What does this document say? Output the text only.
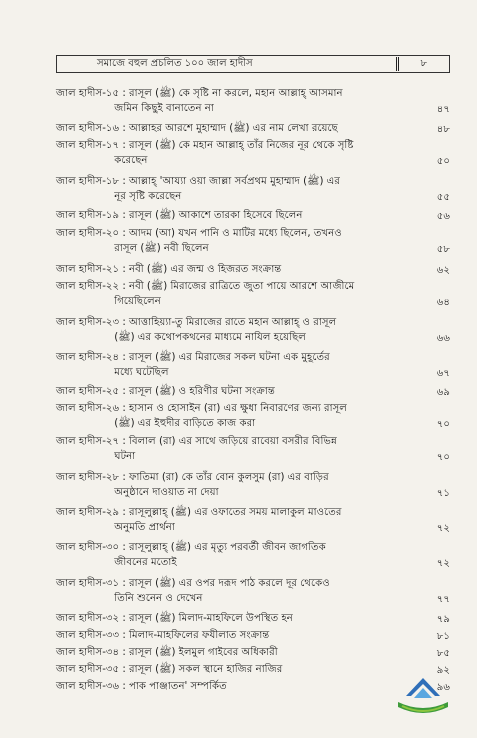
সমাজে বহুল প্রচলিত ১০০ জাল হাদীস	৮
জাল হাদীস-১৫ : রাসূল (ﷺ) কে সৃষ্টি না করলে, মহান আল্লাহ্ আসমান
জমিন কিছুই বানাতেন না	৪৭
জাল হাদীস-১৬ : আল্লাহর আরশে মুহাম্মাদ (ﷺ) এর নাম লেখা রয়েছে	৪৮
জাল হাদীস-১৭ : রাসূল (ﷺ) কে মহান আল্লাহ্ তাঁর নিজের নূর থেকে সৃষ্টি
করেছেন	৫০
জাল হাদীস-১৮ : আল্লাহ্ 'আয্যা ওয়া জাল্লা সর্বপ্রথম মুহাম্মাদ (ﷺ) এর
নূর সৃষ্টি করেছেন	৫৫
জাল হাদীস-১৯ : রাসূল (ﷺ) আকাশে তারকা হিসেবে ছিলেন	৫৬
জাল হাদীস-২০ : আদম (আ) যখন পানি ও মাটির মধ্যে ছিলেন, তখনও
রাসূল (ﷺ) নবী ছিলেন	৫৮
জাল হাদীস-২১ : নবী (ﷺ) এর জন্ম ও হিজরত সংক্রান্ত	৬২
জাল হাদীস-২২ : নবী (ﷺ) মিরাজের রাত্রিতে জুতা পায়ে আরশে আজীমে
গিয়েছিলেন	৬৪
জাল হাদীস-২৩ : আত্তাহিয়্যা-তু মিরাজের রাতে মহান আল্লাহ্ ও রাসূল
(ﷺ) এর কথোপকথনের মাধ্যমে নাযিল হয়েছিল	৬৬
জাল হাদীস-২৪ : রাসূল (ﷺ) এর মিরাজের সকল ঘটনা এক মুহূর্তের
মধ্যে ঘটেছিল	৬৭
জাল হাদীস-২৫ : রাসূল (ﷺ) ও হরিণীর ঘটনা সংক্রান্ত	৬৯
জাল হাদীস-২৬ : হাসান ও হোসাইন (রা) এর ক্ষুধা নিবারণের জন্য রাসূল
(ﷺ) এর ইহুদীর বাড়িতে কাজ করা	৭০
জাল হাদীস-২৭ : বিলাল (রা) এর সাথে জড়িয়ে রাবেয়া বসরীর বিভিন্ন
ঘটনা	৭০
জাল হাদীস-২৮ : ফাতিমা (রা) কে তাঁর বোন কুলসুম (রা) এর বাড়ির
অনুষ্ঠানে দাওয়াত না দেয়া	৭১
জাল হাদীস-২৯ : রাসূলুল্লাহ্ (ﷺ) এর ওফাতের সময় মালাকুল মাওতের
অনুমতি প্রার্থনা	৭২
জাল হাদীস-৩০ : রাসূলুল্লাহ্ (ﷺ) এর মৃত্যু পরবর্তী জীবন জাগতিক
জীবনের মতোই	৭২
জাল হাদীস-৩১ : রাসূল (ﷺ) এর ওপর দরূদ পাঠ করলে দূর থেকেও
তিনি শুনেন ও দেখেন	৭৭
জাল হাদীস-৩২ : রাসূল (ﷺ) মিলাদ-মাহফিলে উপস্থিত হন	৭৯
জাল হাদীস-৩৩ : মিলাদ-মাহফিলের ফযীলাত সংক্রান্ত	৮১
জাল হাদীস-৩৪ : রাসূল (ﷺ) ইলমুল গাইবের অধিকারী	৮৫
জাল হাদীস-৩৫ : রাসূল (ﷺ) সকল স্থানে হাজির নাজির	৯২
জাল হাদীস-৩৬ : পাক পাঞ্জাতন' সম্পর্কিত	৯৬
